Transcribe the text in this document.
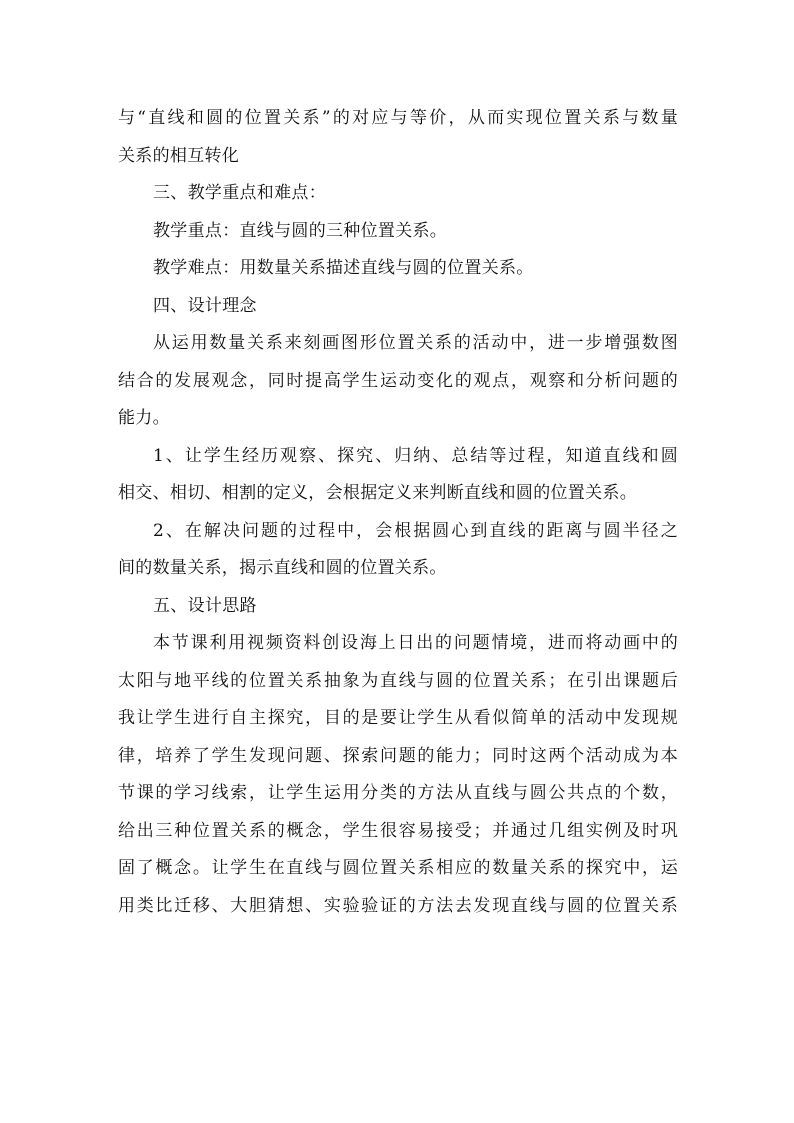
与“直线和圆的位置关系”的对应与等价，从而实现位置关系与数量
关系的相互转化
三、教学重点和难点：
教学重点：直线与圆的三种位置关系。
教学难点：用数量关系描述直线与圆的位置关系。
四、设计理念
从运用数量关系来刻画图形位置关系的活动中，进一步增强数图
结合的发展观念，同时提高学生运动变化的观点，观察和分析问题的
能力。
1、让学生经历观察、探究、归纳、总结等过程，知道直线和圆
相交、相切、相割的定义，会根据定义来判断直线和圆的位置关系。
2、在解决问题的过程中，会根据圆心到直线的距离与圆半径之
间的数量关系，揭示直线和圆的位置关系。
五、设计思路
本节课利用视频资料创设海上日出的问题情境，进而将动画中的
太阳与地平线的位置关系抽象为直线与圆的位置关系；在引出课题后
我让学生进行自主探究，目的是要让学生从看似简单的活动中发现规
律，培养了学生发现问题、探索问题的能力；同时这两个活动成为本
节课的学习线索，让学生运用分类的方法从直线与圆公共点的个数，
给出三种位置关系的概念，学生很容易接受；并通过几组实例及时巩
固了概念。让学生在直线与圆位置关系相应的数量关系的探究中，运
用类比迁移、大胆猜想、实验验证的方法去发现直线与圆的位置关系
